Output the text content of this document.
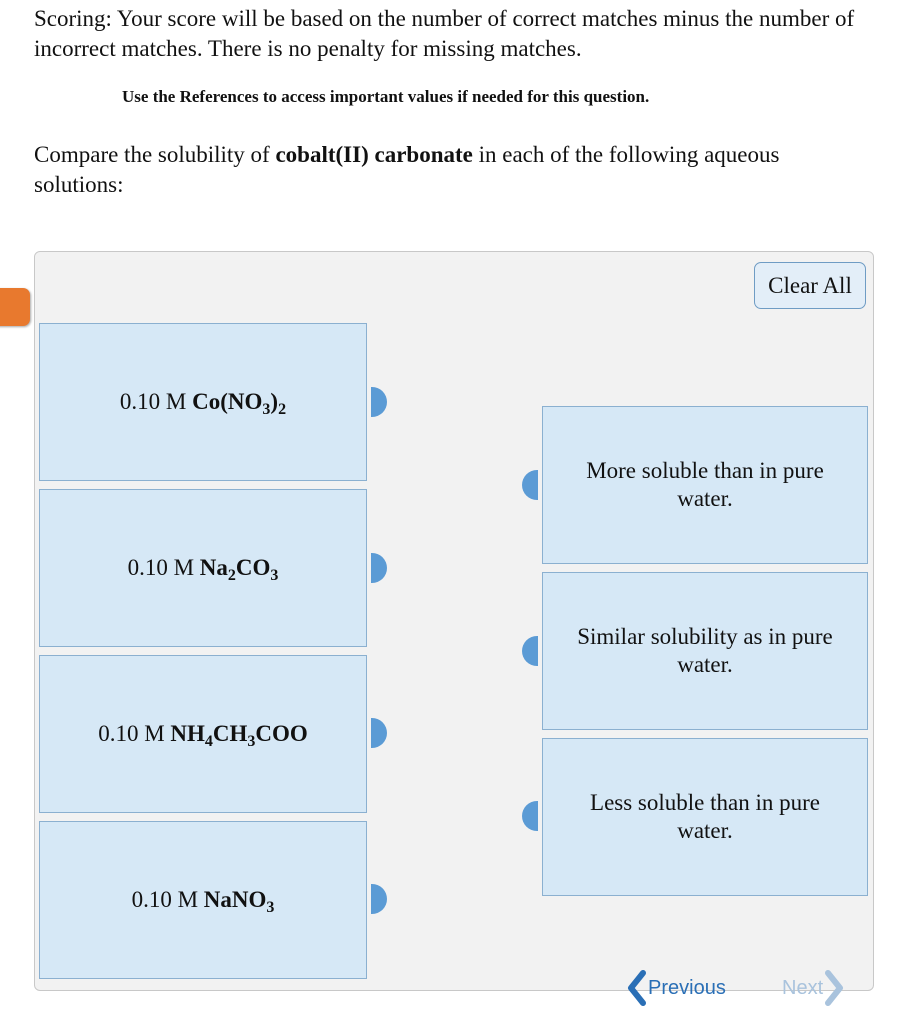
Scoring: Your score will be based on the number of correct matches minus the number of incorrect matches. There is no penalty for missing matches.

Use the References to access important values if needed for this question.

Compare the solubility of cobalt(II) carbonate in each of the following aqueous solutions:

Clear All
0.10 M $Co(NO_3)_2$
0.10 M $Na_2CO_3$
0.10 M $NH_4CH_3COO$
0.10 M NaNO$_3$
More soluble than in pure water.
Similar solubility as in pure water.
Less soluble than in pure water.
Previous	Next
